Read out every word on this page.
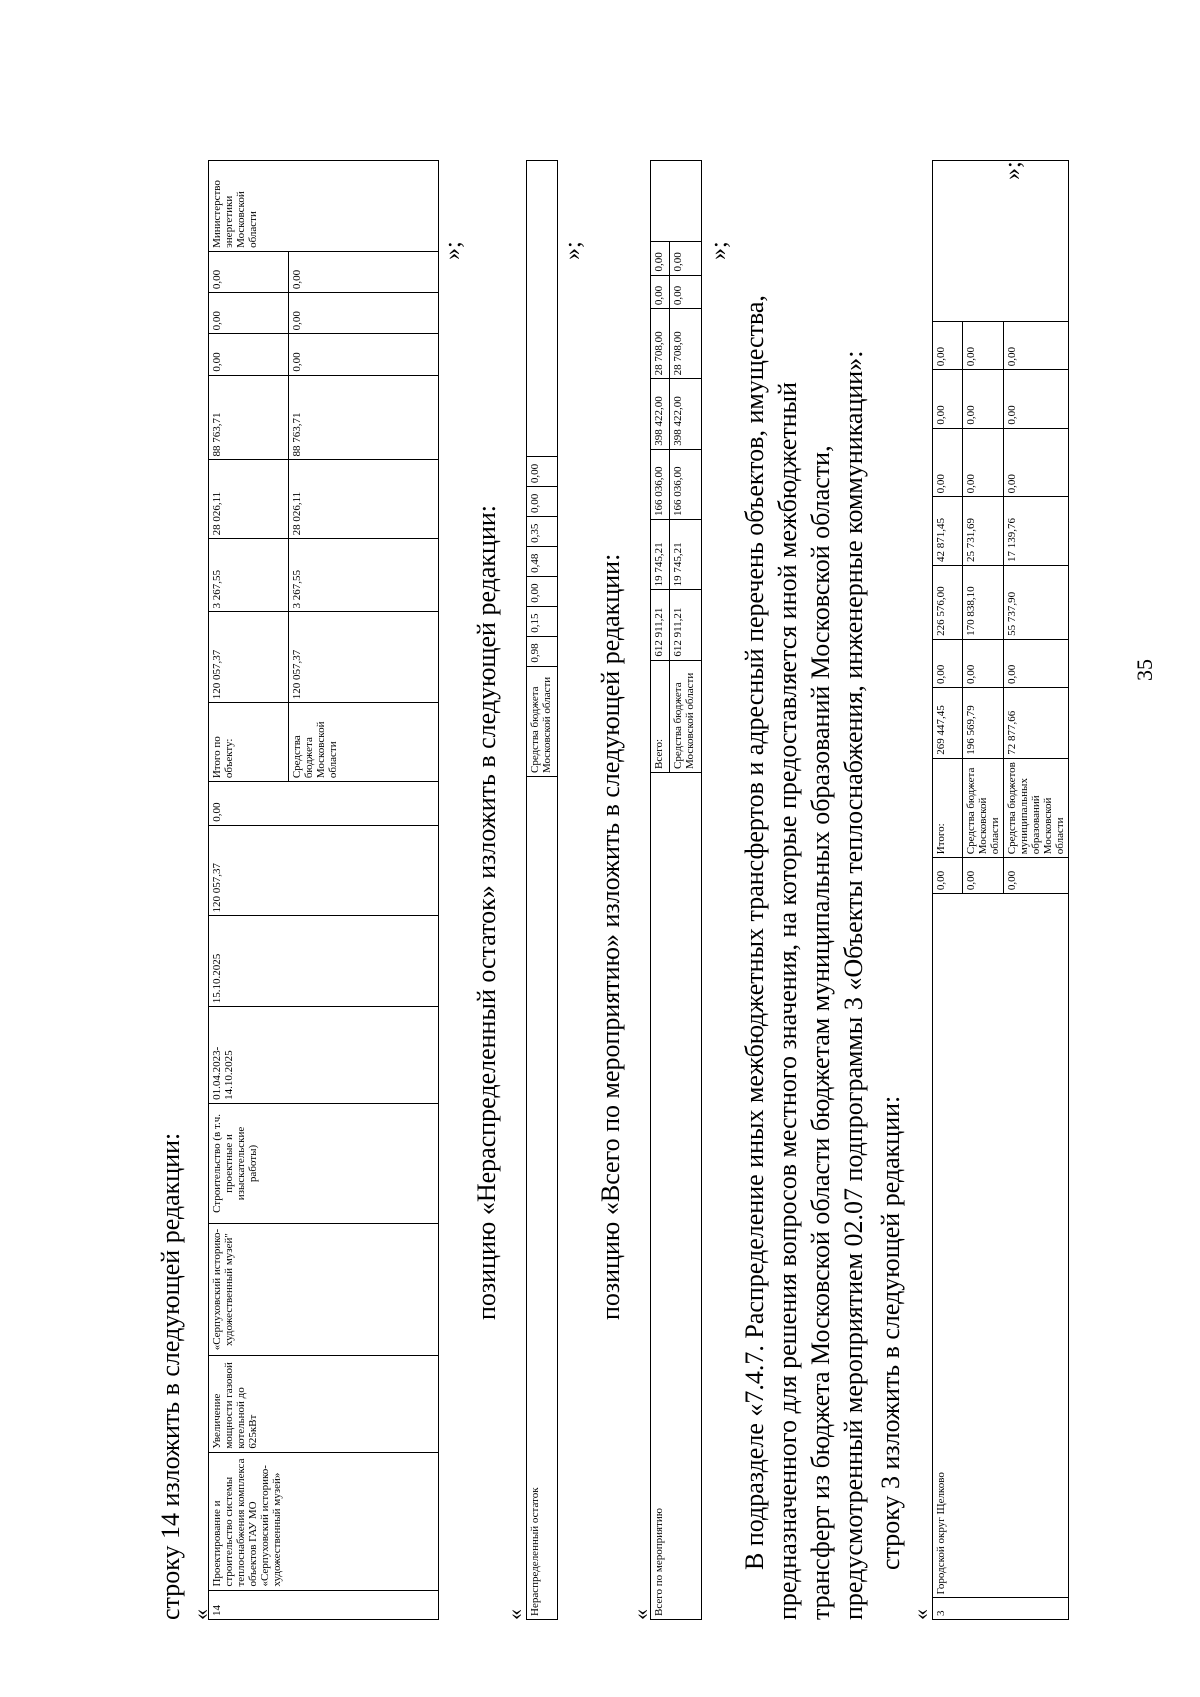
35
строку 14 изложить в следующей редакции: «
14	Проектирование и строительство системы теплоснабжения комплекса объектов ГАУ МО «Серпуховский историко-художественный музей»	Увеличение мощности газовой котельной до 625кВт	«Серпуховский историко-художественный музей"	Строительство (в т.ч. проектные и изыскательские работы)	01.04.2023-14.10.2025	15.10.2025	120 057,37	0,00	Итого по объекту:	120 057,37	3 267,55	28 026,11	88 763,71	0,00	0,00	0,00	Министерство энергетики Московской области
									Средства бюджета Московской области	120 057,37	3 267,55	28 026,11	88 763,71	0,00	0,00	0,00	
»;
позицию «Нераспределенный остаток» изложить в следующей редакции:
« Нераспределенный остаток	Средства бюджета Московской области	0,98	0,15	0,00	0,48	0,35	0,00	0,00	
»;
позицию «Всего по мероприятию» изложить в следующей редакции:
« Всего по мероприятию	Всего:	612 911,21	19 745,21	166 036,00	398 422,00	28 708,00	0,00	0,00	
	Средства бюджета Московской области	612 911,21	19 745,21	166 036,00	398 422,00	28 708,00	0,00	0,00	
»;
В подразделе «7.4.7. Распределение иных межбюджетных трансфертов и адресный перечень объектов, имущества, предназначенного для решения вопросов местного значения, на которые предоставляется иной межбюджетный трансферт из бюджета Московской области бюджетам муниципальных образований Московской области, предусмотренный мероприятием 02.07 подпрограммы 3 «Объекты теплоснабжения, инженерные коммуникации»: строку 3 изложить в следующей редакции:
« 3	Городской округ Щелково	0,00	Итого:	269 447,45	0,00	226 576,00	42 871,45	0,00	0,00	0,00	
		0,00	Средства бюджета Московской области	196 569,79	0,00	170 838,10	25 731,69	0,00	0,00	0,00	
		0,00	Средства бюджетов муниципальных образований Московской области	72 877,66	0,00	55 737,90	17 139,76	0,00	0,00	0,00	
»;
